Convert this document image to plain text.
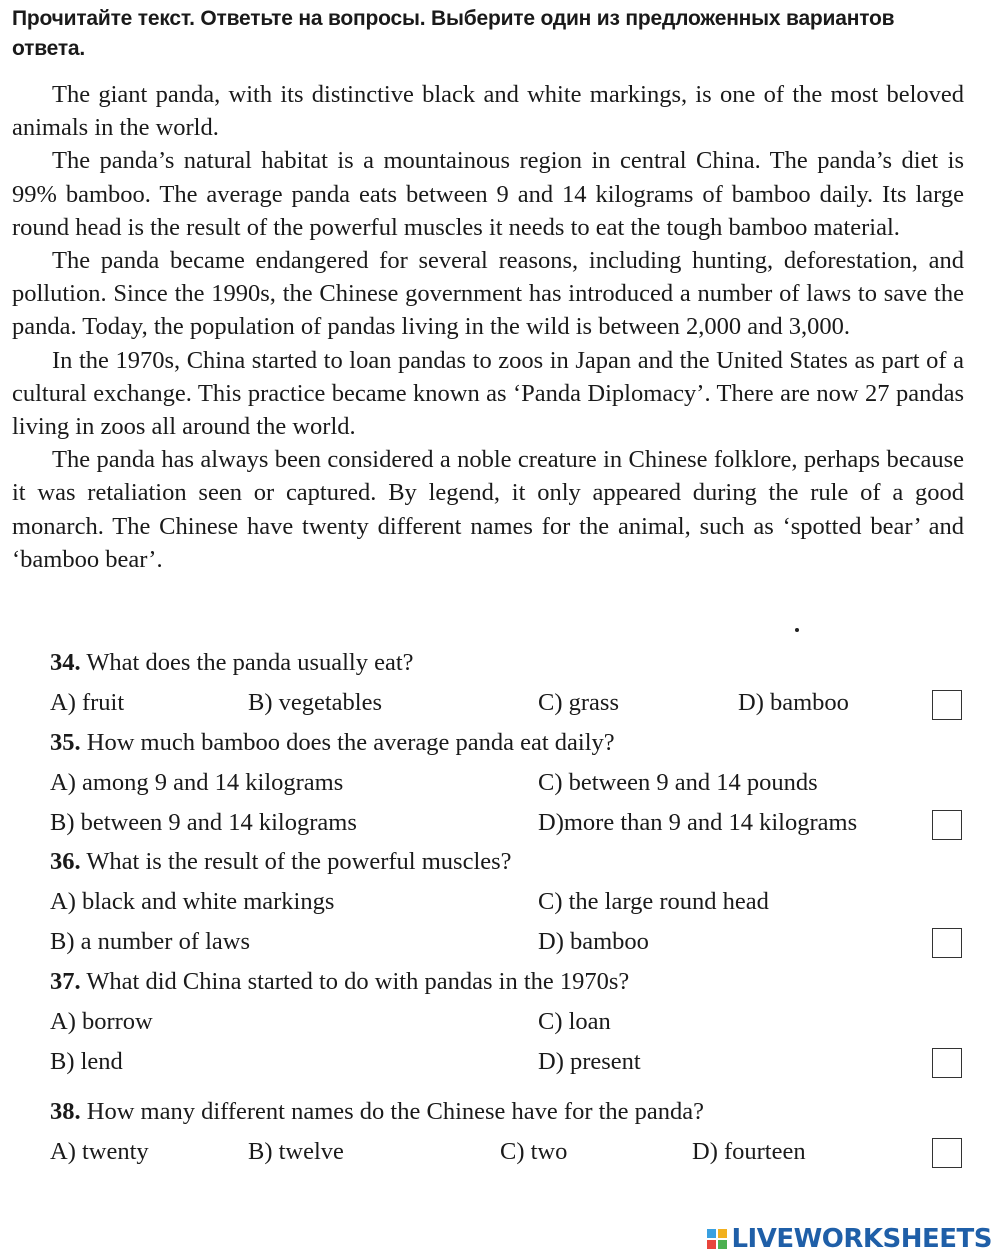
Прочитайте текст. Ответьте на вопросы. Выберите один из предложенных вариантов ответа.

The giant panda, with its distinctive black and white markings, is one of the most beloved animals in the world.

The panda’s natural habitat is a mountainous region in central China. The panda’s diet is 99% bamboo. The average panda eats between 9 and 14 kilograms of bamboo daily. Its large round head is the result of the powerful muscles it needs to eat the tough bamboo material.

The panda became endangered for several reasons, including hunting, deforestation, and pollution. Since the 1990s, the Chinese government has introduced a number of laws to save the panda. Today, the population of pandas living in the wild is between 2,000 and 3,000.

In the 1970s, China started to loan pandas to zoos in Japan and the United States as part of a cultural exchange. This practice became known as ‘Panda Diplomacy’. There are now 27 pandas living in zoos all around the world.

The panda has always been considered a noble creature in Chinese folklore, perhaps because it was retaliation seen or captured. By legend, it only appeared during the rule of a good monarch. The Chinese have twenty different names for the animal, such as ‘spotted bear’ and ‘bamboo bear’.

34. What does the panda usually eat?
A) fruit	B) vegetables	C) grass	D) bamboo
35. How much bamboo does the average panda eat daily?
A) among 9 and 14 kilograms	C) between 9 and 14 pounds
B) between 9 and 14 kilograms	D)more than 9 and 14 kilograms
36. What is the result of the powerful muscles?
A) black and white markings	C) the large round head
B) a number of laws	D) bamboo
37. What did China started to do with pandas in the 1970s?
A) borrow	C) loan
B) lend	D) present
38. How many different names do the Chinese have for the panda?
A) twenty	B) twelve	C) two	D) fourteen
LIVEWORKSHEETS
